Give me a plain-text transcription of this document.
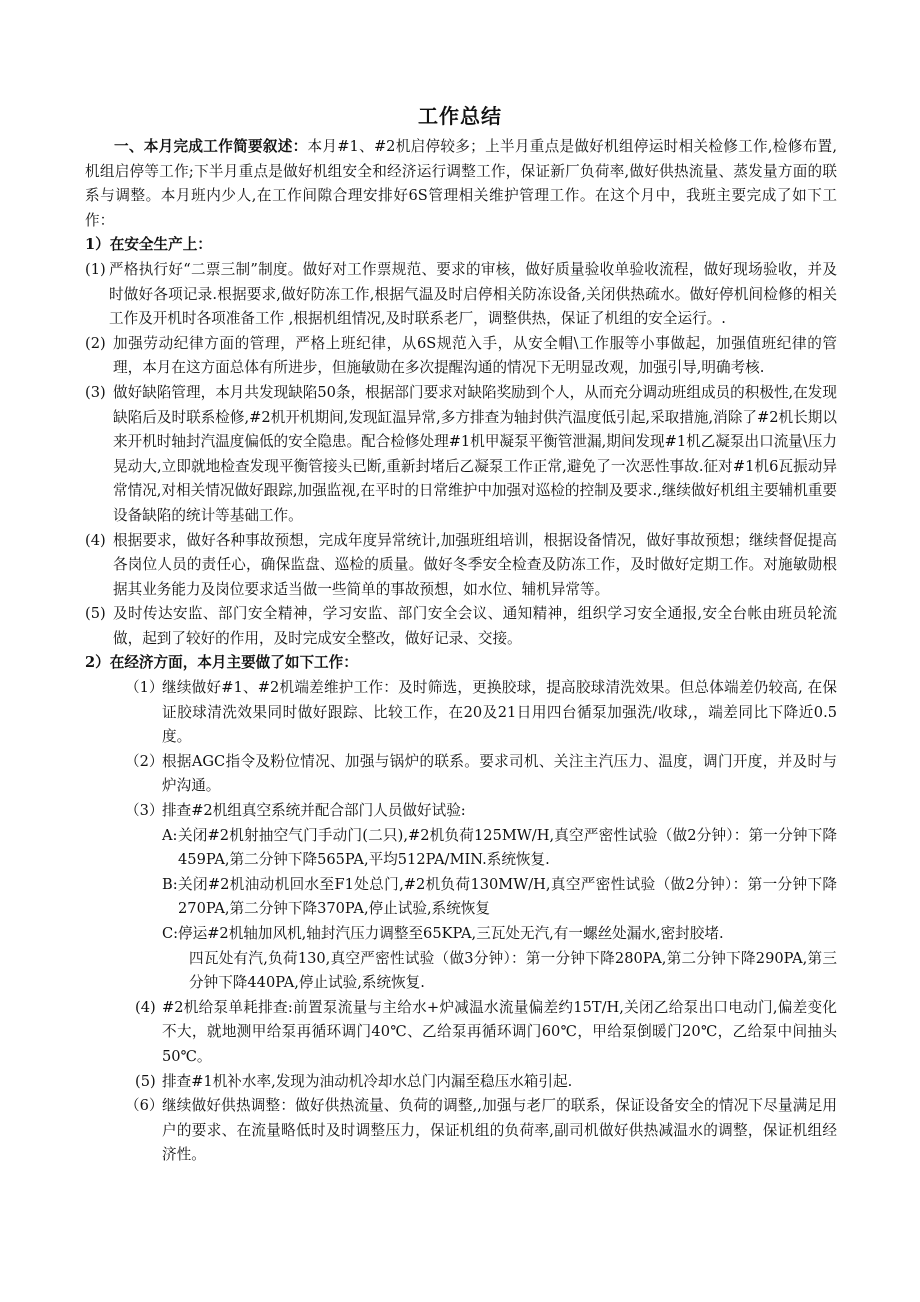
工作总结

一、本月完成工作简要叙述：本月#1、#2机启停较多；上半月重点是做好机组停运时相关检修工作,检修布置,机组启停等工作;下半月重点是做好机组安全和经济运行调整工作，保证新厂负荷率,做好供热流量、蒸发量方面的联系与调整。本月班内少人,在工作间隙合理安排好6S管理相关维护管理工作。在这个月中，我班主要完成了如下工作：

1）在安全生产上：

(1) 严格执行好“二票三制”制度。做好对工作票规范、要求的审核，做好质量验收单验收流程，做好现场验收，并及时做好各项记录.根据要求,做好防冻工作,根据气温及时启停相关防冻设备,关闭供热疏水。做好停机间检修的相关工作及开机时各项准备工作 ,根据机组情况,及时联系老厂，调整供热，保证了机组的安全运行。.
(2) 加强劳动纪律方面的管理，严格上班纪律，从6S规范入手，从安全帽\工作服等小事做起，加强值班纪律的管理，本月在这方面总体有所进步，但施敏勋在多次提醒沟通的情况下无明显改观，加强引导,明确考核.
(3) 做好缺陷管理，本月共发现缺陷50条，根据部门要求对缺陷奖励到个人，从而充分调动班组成员的积极性,在发现缺陷后及时联系检修,#2机开机期间,发现缸温异常,多方排查为轴封供汽温度低引起,采取措施,消除了#2机长期以来开机时轴封汽温度偏低的安全隐患。配合检修处理#1机甲凝泵平衡管泄漏,期间发现#1机乙凝泵出口流量\压力晃动大,立即就地检查发现平衡管接头已断,重新封堵后乙凝泵工作正常,避免了一次恶性事故.征对#1机6瓦振动异常情况,对相关情况做好跟踪,加强监视,在平时的日常维护中加强对巡检的控制及要求.,继续做好机组主要辅机重要设备缺陷的统计等基础工作。
(4) 根据要求，做好各种事故预想，完成年度异常统计,加强班组培训，根据设备情况，做好事故预想；继续督促提高各岗位人员的责任心，确保监盘、巡检的质量。做好冬季安全检查及防冻工作，及时做好定期工作。对施敏勋根据其业务能力及岗位要求适当做一些简单的事故预想，如水位、辅机异常等。
(5) 及时传达安监、部门安全精神，学习安监、部门安全会议、通知精神，组织学习安全通报,安全台帐由班员轮流做，起到了较好的作用，及时完成安全整改，做好记录、交接。

2）在经济方面，本月主要做了如下工作：

（1）
继续做好#1、#2机端差维护工作：及时筛选，更换胶球，提高胶球清洗效果。但总体端差仍较高, 在保证胶球清洗效果同时做好跟踪、比较工作，在20及21日用四台循泵加强洗/收球,，端差同比下降近0.5度。
（2）
根据AGC指令及粉位情况、加强与锅炉的联系。要求司机、关注主汽压力、温度，调门开度，并及时与炉沟通。
（3）
排查#2机组真空系统并配合部门人员做好试验:
A: 关闭#2机射抽空气门手动门(二只),#2机负荷125MW/H,真空严密性试验（做2分钟）：第一分钟下降459PA,第二分钟下降565PA,平均512PA/MIN.系统恢复.
B: 关闭#2机油动机回水至F1处总门,#2机负荷130MW/H,真空严密性试验（做2分钟）：第一分钟下降270PA,第二分钟下降370PA,停止试验,系统恢复
C: 停运#2机轴加风机,轴封汽压力调整至65KPA,三瓦处无汽,有一螺丝处漏水,密封胶堵.

四瓦处有汽,负荷130,真空严密性试验（做3分钟）：第一分钟下降280PA,第二分钟下降290PA,第三分钟下降440PA,停止试验,系统恢复.

(4) #2机给泵单耗排查:前置泵流量与主给水+炉减温水流量偏差约15T/H,关闭乙给泵出口电动门,偏差变化不大，就地测甲给泵再循环调门40℃、乙给泵再循环调门60℃，甲给泵倒暖门20℃，乙给泵中间抽头50℃。
(5) 排查#1机补水率,发现为油动机冷却水总门内漏至稳压水箱引起.
（6）
继续做好供热调整：做好供热流量、负荷的调整,,加强与老厂的联系，保证设备安全的情况下尽量满足用户的要求、在流量略低时及时调整压力，保证机组的负荷率,副司机做好供热减温水的调整，保证机组经济性。
